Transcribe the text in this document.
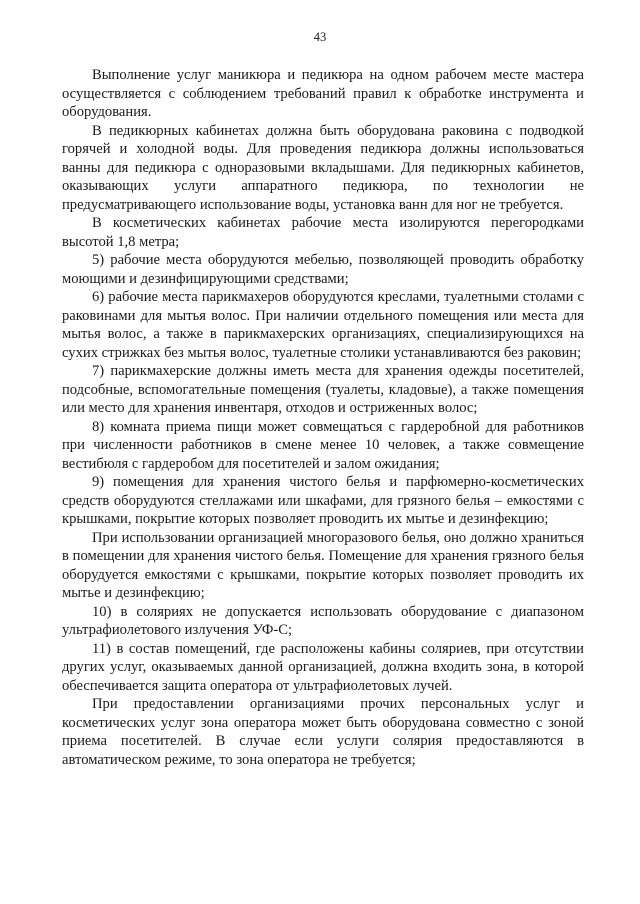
43

Выполнение услуг маникюра и педикюра на одном рабочем месте мастера осуществляется с соблюдением требований правил к обработке инструмента и оборудования.

В педикюрных кабинетах должна быть оборудована раковина с подводкой горячей и холодной воды. Для проведения педикюра должны использоваться ванны для педикюра с одноразовыми вкладышами. Для педикюрных кабинетов, оказывающих услуги аппаратного педикюра, по технологии не предусматривающего использование воды, установка ванн для ног не требуется.

В косметических кабинетах рабочие места изолируются перегородками высотой 1,8 метра;

5) рабочие места оборудуются мебелью, позволяющей проводить обработку моющими и дезинфицирующими средствами;

6) рабочие места парикмахеров оборудуются креслами, туалетными столами с раковинами для мытья волос. При наличии отдельного помещения или места для мытья волос, а также в парикмахерских организациях, специализирующихся на сухих стрижках без мытья волос, туалетные столики устанавливаются без раковин;

7) парикмахерские должны иметь места для хранения одежды посетителей, подсобные, вспомогательные помещения (туалеты, кладовые), а также помещения или место для хранения инвентаря, отходов и остриженных волос;

8) комната приема пищи может совмещаться с гардеробной для работников при численности работников в смене менее 10 человек, а также совмещение вестибюля с гардеробом для посетителей и залом ожидания;

9) помещения для хранения чистого белья и парфюмерно-косметических средств оборудуются стеллажами или шкафами, для грязного белья – емкостями с крышками, покрытие которых позволяет проводить их мытье и дезинфекцию;

При использовании организацией многоразового белья, оно должно храниться в помещении для хранения чистого белья. Помещение для хранения грязного белья оборудуется емкостями с крышками, покрытие которых позволяет проводить их мытье и дезинфекцию;

10) в соляриях не допускается использовать оборудование с диапазоном ультрафиолетового излучения УФ-С;

11) в состав помещений, где расположены кабины соляриев, при отсутствии других услуг, оказываемых данной организацией, должна входить зона, в которой обеспечивается защита оператора от ультрафиолетовых лучей.

При предоставлении организациями прочих персональных услуг и косметических услуг зона оператора может быть оборудована совместно с зоной приема посетителей. В случае если услуги солярия предоставляются в автоматическом режиме, то зона оператора не требуется;
